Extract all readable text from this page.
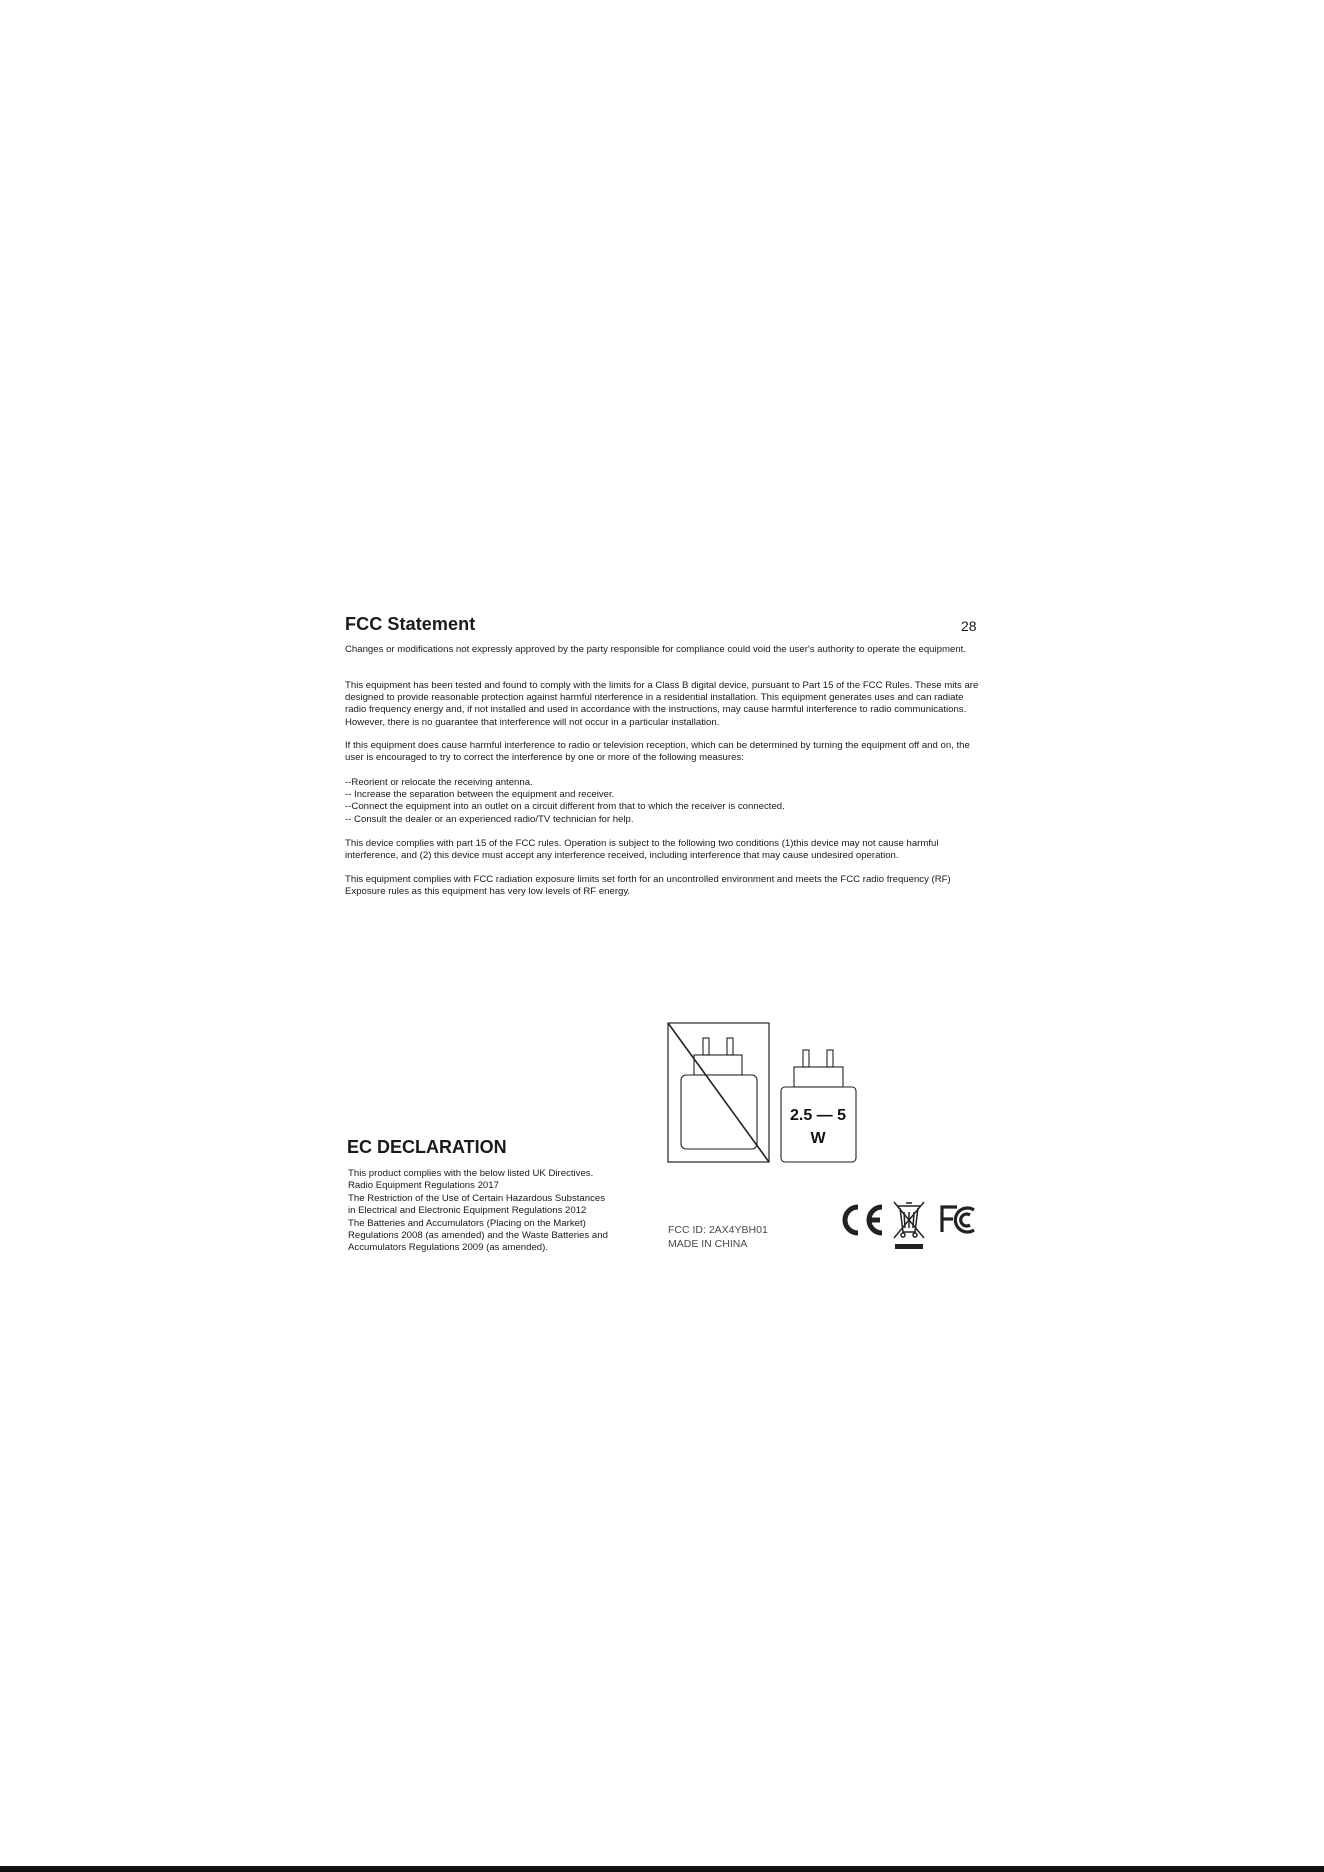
FCC Statement	28

Changes or modifications not expressly approved by the party responsible for compliance could void the user's authority to operate the equipment.

This equipment has been tested and found to comply with the limits for a Class B digital device, pursuant to Part 15 of the FCC Rules. These mits are designed to provide reasonable protection against harmful nterference in a residential installation. This equipment generates uses and can radiate radio frequency energy and, if not installed and used in accordance with the instructions, may cause harmful interference to radio communications. However, there is no guarantee that interference will not occur in a particular installation.

If this equipment does cause harmful interference to radio or television reception, which can be determined by turning the equipment off and on, the user is encouraged to try to correct the interference by one or more of the following measures:

--Reorient or relocate the receiving antenna.

-- Increase the separation between the equipment and receiver.

--Connect the equipment into an outlet on a circuit different from that to which the receiver is connected.

-- Consult the dealer or an experienced radio/TV technician for help.

This device complies with part 15 of the FCC rules. Operation is subject to the following two conditions (1)this device may not cause harmful interference, and (2) this device must accept any interference received, including interference that may cause undesired operation.

This equipment complies with FCC radiation exposure limits set forth for an uncontrolled environment and meets the FCC radio frequency (RF) Exposure rules as this equipment has very low levels of RF energy.

2.5 — 5
W
EC DECLARATION

This product complies with the below listed UK Directives.

Radio Equipment Regulations 2017

The Restriction of the Use of Certain Hazardous Substances

in Electrical and Electronic Equipment Regulations 2012

The Batteries and Accumulators (Placing on the Market)

Regulations 2008 (as amended) and the Waste Batteries and

Accumulators Regulations 2009 (as amended).

FCC ID: 2AX4YBH01

MADE IN CHINA
